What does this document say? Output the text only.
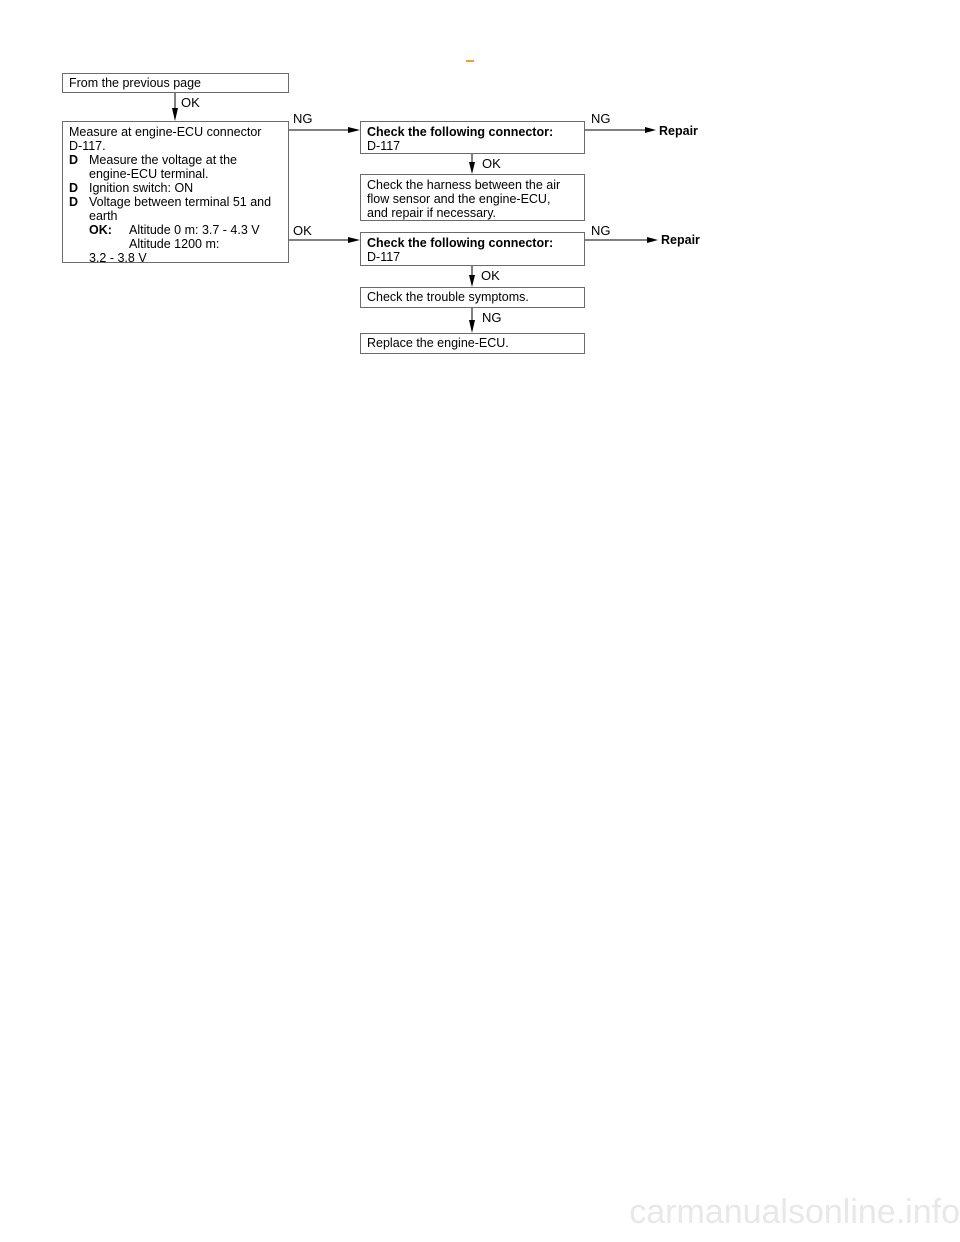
From the previous page
OK
Measure at engine-ECU connector
D-117.
D Measure the voltage at the
engine-ECU terminal.
D Ignition switch: ON
D Voltage between terminal 51 and
earth
OK:	Altitude 0 m: 3.7 - 4.3 V
Altitude 1200 m:
3.2 - 3.8 V
NG
OK
Check the following connector:
D-117
NG
Repair
OK
Check the harness between the air
flow sensor and the engine-ECU,
and repair if necessary.
Check the following connector:
D-117
NG
Repair
OK
Check the trouble symptoms.
NG
Replace the engine-ECU.
carmanualsonline.info
